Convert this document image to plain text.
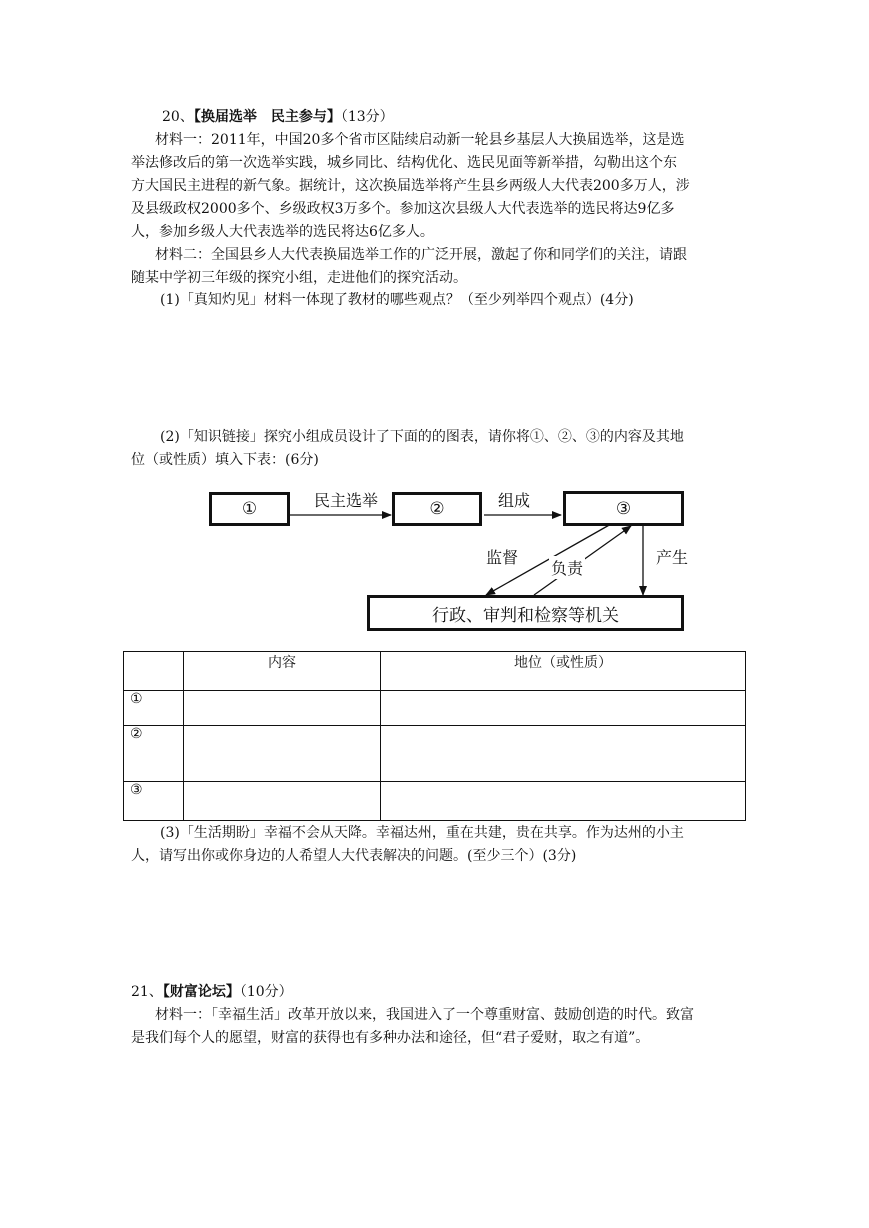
20、【换届选举　民主参与】（13分）
材料一：2011年，中国20多个省市区陆续启动新一轮县乡基层人大换届选举，这是选
举法修改后的第一次选举实践，城乡同比、结构优化、选民见面等新举措，勾勒出这个东
方大国民主进程的新气象。据统计，这次换届选举将产生县乡两级人大代表200多万人，涉
及县级政权2000多个、乡级政权3万多个。参加这次县级人大代表选举的选民将达9亿多
人，参加乡级人大代表选举的选民将达6亿多人。
材料二：全国县乡人大代表换届选举工作的广泛开展，激起了你和同学们的关注，请跟
随某中学初三年级的探究小组，走进他们的探究活动。
(1)「真知灼见」材料一体现了教材的哪些观点？（至少列举四个观点）(4分)
(2)「知识链接」探究小组成员设计了下面的的图表，请你将①、②、③的内容及其地
位（或性质）填入下表：(6分)
①	②	③
行政、审判和检察等机关
民主选举	组成
监督
负责
产生
	内容	地位（或性质）
①		
②		
③		
(3)「生活期盼」幸福不会从天降。幸福达州，重在共建，贵在共享。作为达州的小主
人，请写出你或你身边的人希望人大代表解决的问题。(至少三个）(3分)
21、【财富论坛】（10分）
材料一：「幸福生活」改革开放以来，我国进入了一个尊重财富、鼓励创造的时代。致富
是我们每个人的愿望，财富的获得也有多种办法和途径，但“君子爱财，取之有道”。
